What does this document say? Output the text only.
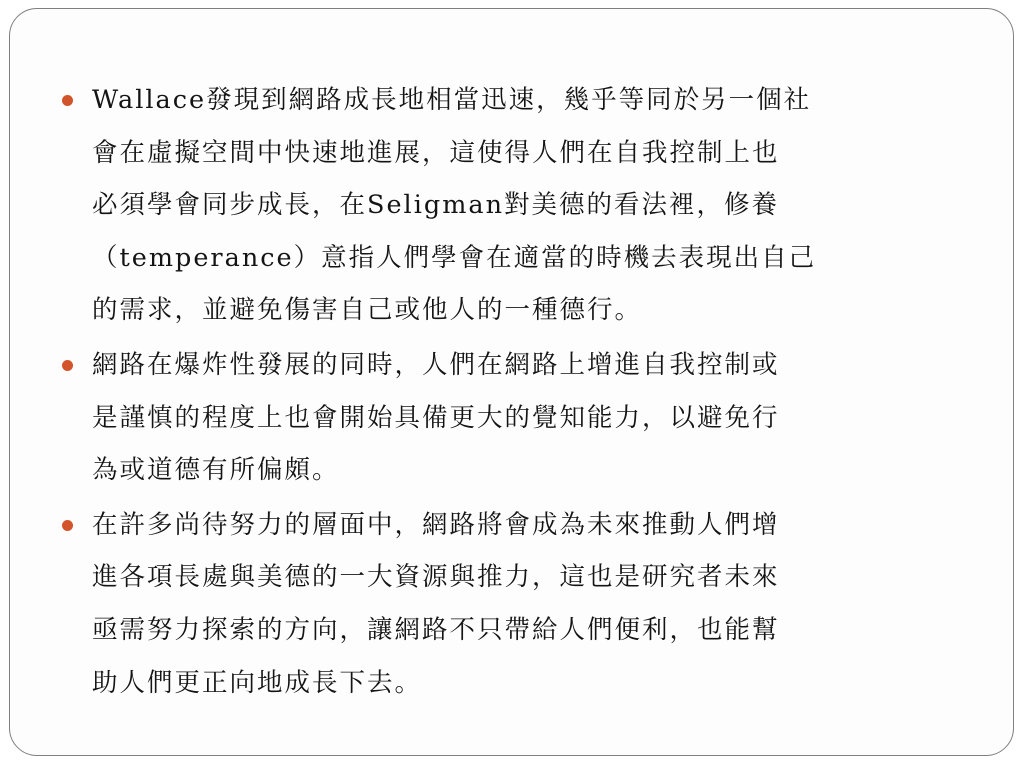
Wallace發現到網路成長地相當迅速，幾乎等同於另一個社
會在虛擬空間中快速地進展，這使得人們在自我控制上也
必須學會同步成長，在Seligman對美德的看法裡，修養
（temperance）意指人們學會在適當的時機去表現出自己
的需求，並避免傷害自己或他人的一種德行。
網路在爆炸性發展的同時，人們在網路上增進自我控制或
是謹慎的程度上也會開始具備更大的覺知能力，以避免行
為或道德有所偏頗。
在許多尚待努力的層面中，網路將會成為未來推動人們增
進各項長處與美德的一大資源與推力，這也是研究者未來
亟需努力探索的方向，讓網路不只帶給人們便利，也能幫
助人們更正向地成長下去。
